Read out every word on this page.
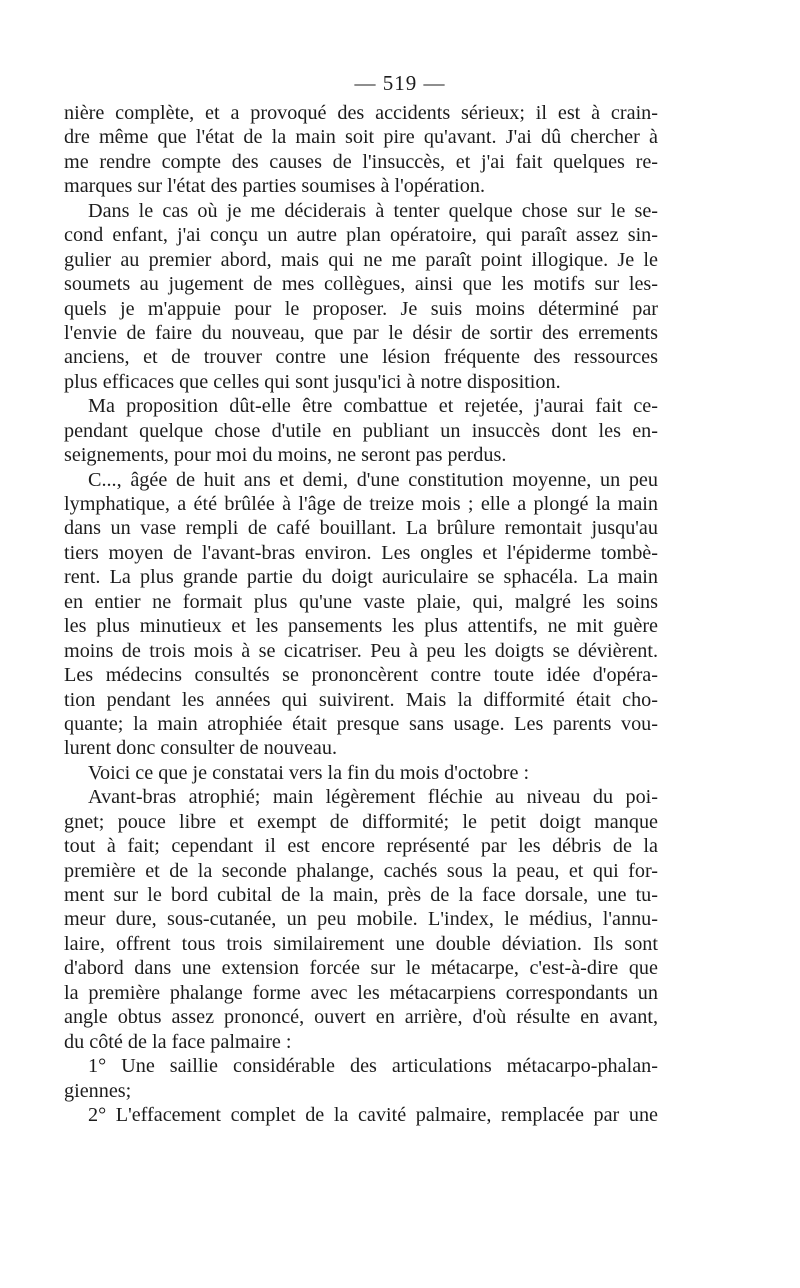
— 519 —
nière complète, et a provoqué des accidents sérieux; il est à crain-
dre même que l'état de la main soit pire qu'avant. J'ai dû chercher à
me rendre compte des causes de l'insuccès, et j'ai fait quelques re-
marques sur l'état des parties soumises à l'opération.
Dans le cas où je me déciderais à tenter quelque chose sur le se-
cond enfant, j'ai conçu un autre plan opératoire, qui paraît assez sin-
gulier au premier abord, mais qui ne me paraît point illogique. Je le
soumets au jugement de mes collègues, ainsi que les motifs sur les-
quels je m'appuie pour le proposer. Je suis moins déterminé par
l'envie de faire du nouveau, que par le désir de sortir des errements
anciens, et de trouver contre une lésion fréquente des ressources
plus efficaces que celles qui sont jusqu'ici à notre disposition.
Ma proposition dût-elle être combattue et rejetée, j'aurai fait ce-
pendant quelque chose d'utile en publiant un insuccès dont les en-
seignements, pour moi du moins, ne seront pas perdus.
C..., âgée de huit ans et demi, d'une constitution moyenne, un peu
lymphatique, a été brûlée à l'âge de treize mois ; elle a plongé la main
dans un vase rempli de café bouillant. La brûlure remontait jusqu'au
tiers moyen de l'avant-bras environ. Les ongles et l'épiderme tombè-
rent. La plus grande partie du doigt auriculaire se sphacéla. La main
en entier ne formait plus qu'une vaste plaie, qui, malgré les soins
les plus minutieux et les pansements les plus attentifs, ne mit guère
moins de trois mois à se cicatriser. Peu à peu les doigts se dévièrent.
Les médecins consultés se prononcèrent contre toute idée d'opéra-
tion pendant les années qui suivirent. Mais la difformité était cho-
quante; la main atrophiée était presque sans usage. Les parents vou-
lurent donc consulter de nouveau.
Voici ce que je constatai vers la fin du mois d'octobre :
Avant-bras atrophié; main légèrement fléchie au niveau du poi-
gnet; pouce libre et exempt de difformité; le petit doigt manque
tout à fait; cependant il est encore représenté par les débris de la
première et de la seconde phalange, cachés sous la peau, et qui for-
ment sur le bord cubital de la main, près de la face dorsale, une tu-
meur dure, sous-cutanée, un peu mobile. L'index, le médius, l'annu-
laire, offrent tous trois similairement une double déviation. Ils sont
d'abord dans une extension forcée sur le métacarpe, c'est-à-dire que
la première phalange forme avec les métacarpiens correspondants un
angle obtus assez prononcé, ouvert en arrière, d'où résulte en avant,
du côté de la face palmaire :
1° Une saillie considérable des articulations métacarpo-phalan-
giennes;
2° L'effacement complet de la cavité palmaire, remplacée par une
